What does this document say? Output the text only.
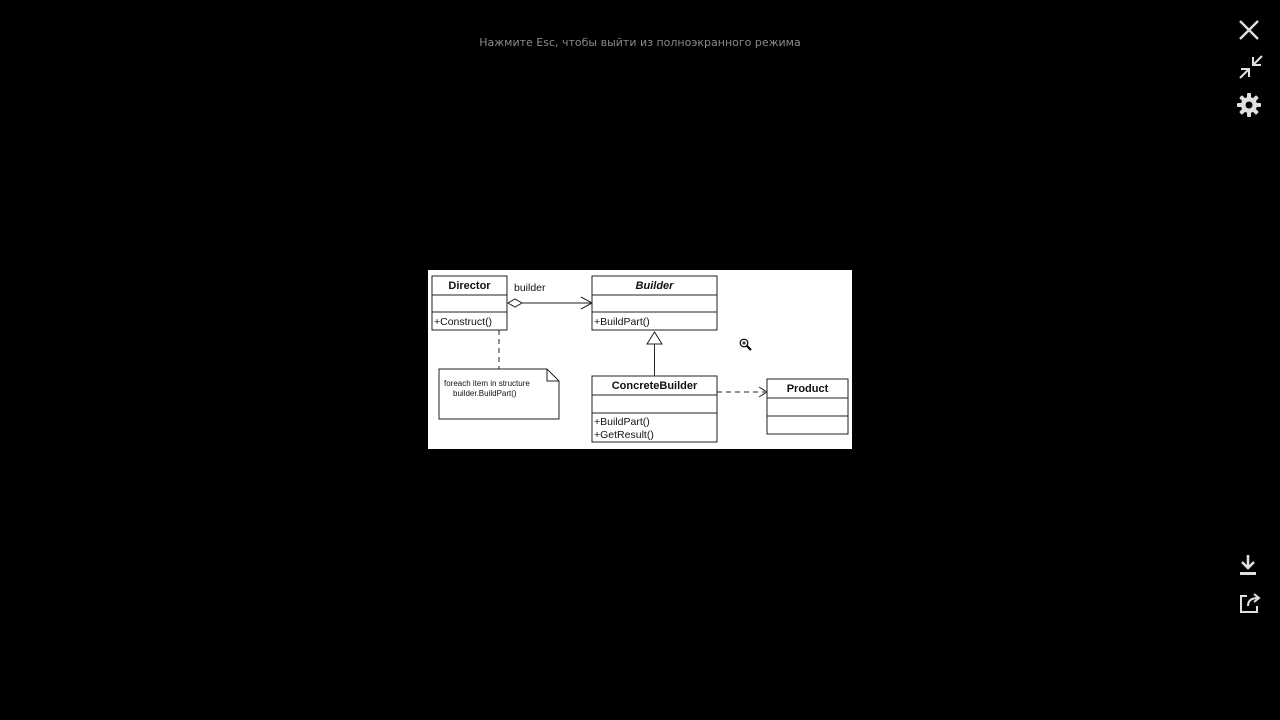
Нажмите Esc, чтобы выйти из полноэкранного режима
Director
+Construct()
builder	Builder
+BuildPart()
foreach item in structure
builder.BuildPart()
ConcreteBuilder
+BuildPart()
+GetResult()
Product
